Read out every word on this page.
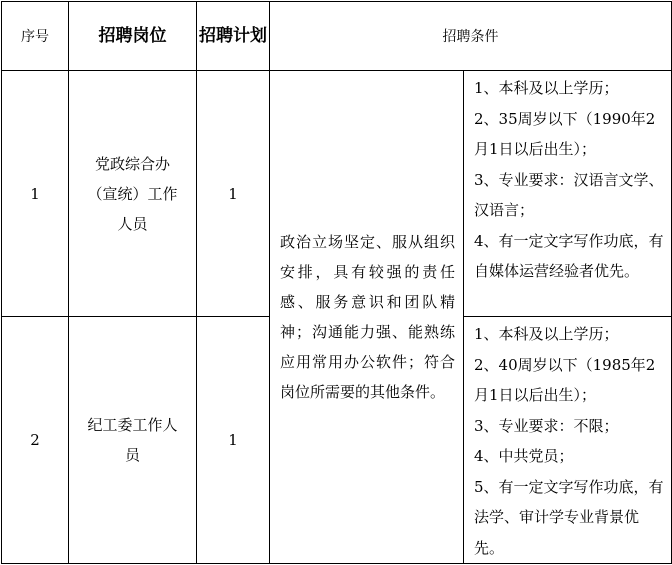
序号	招聘岗位	招聘计划	招聘条件	
1	党政综合办（宣统）工作人员	1	政治立场坚定、服从组织安排，具有较强的责任感、服务意识和团队精神；沟通能力强、能熟练应用常用办公软件；符合岗位所需要的其他条件。	1、本科及以上学历；
2、35周岁以下（1990年2月1日以后出生）；
3、专业要求：汉语言文学、汉语言；
4、有一定文字写作功底，有自媒体运营经验者优先。

2	纪工委工作人员	1		1、本科及以上学历；
2、40周岁以下（1985年2月1日以后出生）；
3、专业要求：不限；
4、中共党员；
5、有一定文字写作功底，有法学、审计学专业背景优先。
